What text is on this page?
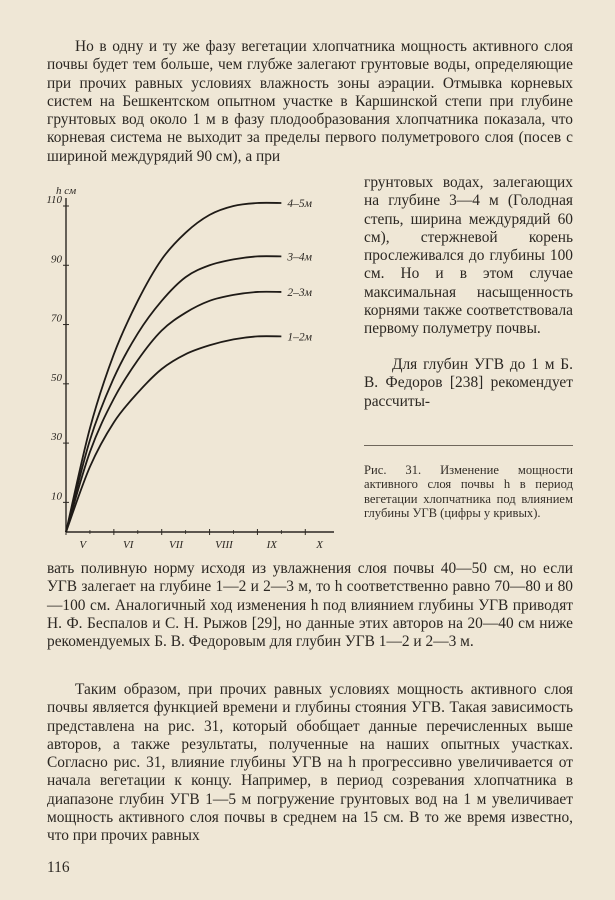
Но в одну и ту же фазу вегетации хлопчатника мощность активного слоя почвы будет тем больше, чем глубже залегают грунтовые воды, определяющие при прочих равных условиях влажность зоны аэрации. Отмывка корневых систем на Бешкентском опытном участке в Каршинской степи при глубине грунтовых вод около 1 м в фазу плодообразования хлопчатника показала, что корневая система не выходит за пределы первого полуметрового слоя (посев с шириной междурядий 90 см), а при
10
30
50
70
90
110
V	VI	VII	VIII	IX	X
h см
4–5м
3–4м
2–3м
1–2м
грунтовых водах, залегающих на глубине 3—4 м (Голодная степь, ширина междурядий 60 см), стержневой корень прослеживался до глубины 100 см. Но и в этом случае максимальная насыщенность корнями также соответствовала первому полуметру почвы.
Для глубин УГВ до 1 м Б. В. Федоров [238] рекомендует рассчиты-
Рис. 31. Изменение мощности активного слоя почвы h в период вегетации хлопчатника под влиянием глубины УГВ (цифры у кривых).
вать поливную норму исходя из увлажнения слоя почвы 40—50 см, но если УГВ залегает на глубине 1—2 и 2—3 м, то h соответственно равно 70—80 и 80—100 см. Аналогичный ход изменения h под влиянием глубины УГВ приводят Н. Ф. Беспалов и С. Н. Рыжов [29], но данные этих авторов на 20—40 см ниже рекомендуемых Б. В. Федоровым для глубин УГВ 1—2 и 2—3 м.
Таким образом, при прочих равных условиях мощность активного слоя почвы является функцией времени и глубины стояния УГВ. Такая зависимость представлена на рис. 31, который обобщает данные перечисленных выше авторов, а также результаты, полученные на наших опытных участках. Согласно рис. 31, влияние глубины УГВ на h прогрессивно увеличивается от начала вегетации к концу. Например, в период созревания хлопчатника в диапазоне глубин УГВ 1—5 м погружение грунтовых вод на 1 м увеличивает мощность активного слоя почвы в среднем на 15 см. В то же время известно, что при прочих равных
116
